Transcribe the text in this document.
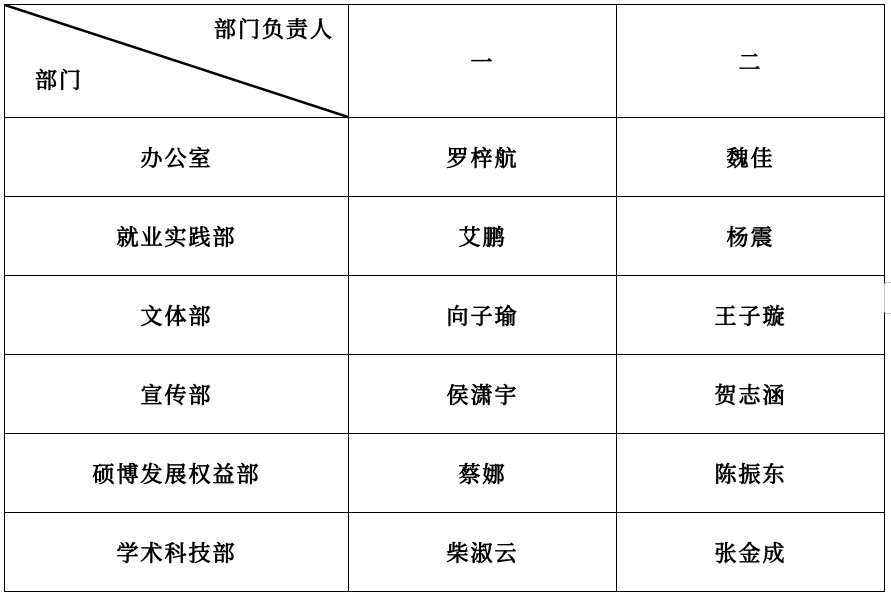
部门负责人
部门	一	二
办公室	罗梓航	魏佳
就业实践部	艾鹏	杨震
文体部	向子瑜	王子璇
宣传部	侯潇宇	贺志涵
硕博发展权益部	蔡娜	陈振东
学术科技部	柴淑云	张金成
